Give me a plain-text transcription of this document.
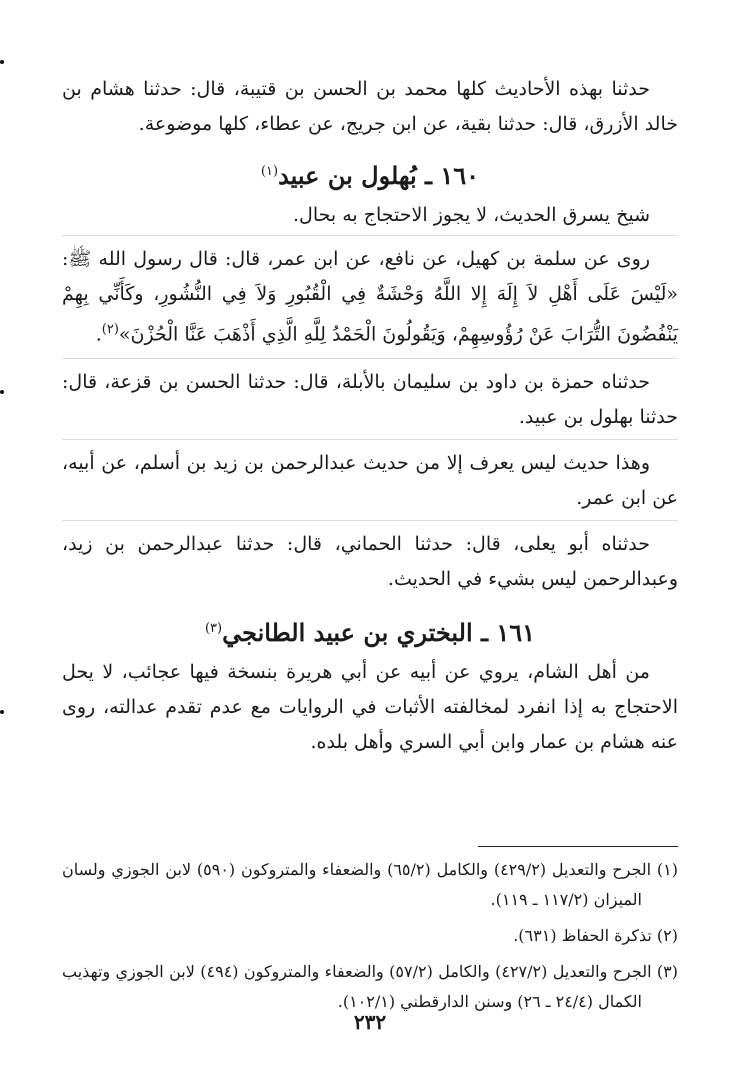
حدثنا بهذه الأحاديث كلها محمد بن الحسن بن قتيبة، قال: حدثنا هشام بن خالد الأزرق، قال: حدثنا بقية، عن ابن جريج، عن عطاء، كلها موضوعة.

١٦٠ ـ بُهلول بن عبيد$^{(١)}$

شيخ يسرق الحديث، لا يجوز الاحتجاج به بحال.

روى عن سلمة بن كهيل، عن نافع، عن ابن عمر، قال: قال رسول الله ﷺ: «لَيْسَ عَلَى أَهْلِ لاَ إِلَهَ إِلا اللَّهُ وَحْشَةٌ فِي الْقُبُورِ وَلاَ فِي النُّشُورِ، وكَأَنِّي بِهِمْ يَنْفُضُونَ التُّرَابَ عَنْ رُؤُوسِهِمْ، وَيَقُولُونَ الْحَمْدُ لِلَّهِ الَّذِي أَذْهَبَ عَنَّا الْحُزْنَ»$^{(٢)}$.

حدثناه حمزة بن داود بن سليمان بالأبلة، قال: حدثنا الحسن بن قزعة، قال: حدثنا بهلول بن عبيد.

وهذا حديث ليس يعرف إلا من حديث عبدالرحمن بن زيد بن أسلم، عن أبيه، عن ابن عمر.

حدثناه أبو يعلى، قال: حدثنا الحماني، قال: حدثنا عبدالرحمن بن زيد، وعبدالرحمن ليس بشيء في الحديث.

١٦١ ـ البختري بن عبيد الطانجي$^{(٣)}$

من أهل الشام، يروي عن أبيه عن أبي هريرة بنسخة فيها عجائب، لا يحل الاحتجاج به إذا انفرد لمخالفته الأثبات في الروايات مع عدم تقدم عدالته، روى عنه هشام بن عمار وابن أبي السري وأهل بلده.

(١) الجرح والتعديل (٤٢٩/٢) والكامل (٦٥/٢) والضعفاء والمتروكون (٥٩٠) لابن الجوزي ولسان الميزان (١١٧/٢ ـ ١١٩).

(٢) تذكرة الحفاظ (٦٣١).

(٣) الجرح والتعديل (٤٢٧/٢) والكامل (٥٧/٢) والضعفاء والمتروكون (٤٩٤) لابن الجوزي وتهذيب الكمال (٢٤/٤ ـ ٢٦) وسنن الدارقطني (١٠٢/١).

٢٣٢
